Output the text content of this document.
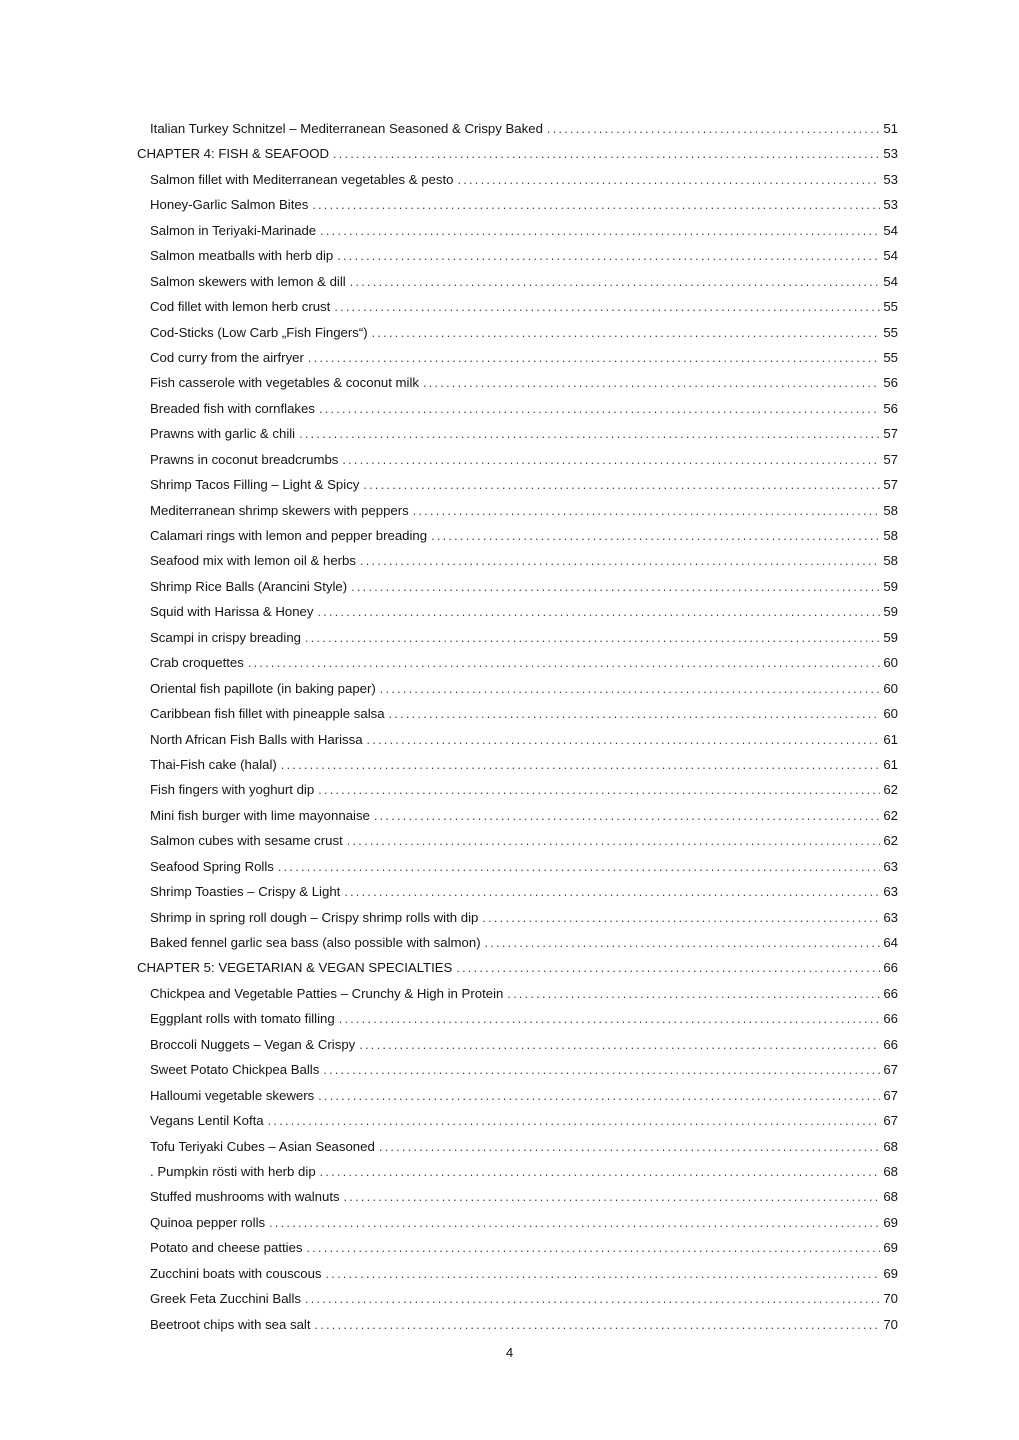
Italian Turkey Schnitzel – Mediterranean Seasoned & Crispy Baked .....	51
CHAPTER 4: FISH & SEAFOOD .....	53
Salmon fillet with Mediterranean vegetables & pesto .....	53
Honey-Garlic Salmon Bites .....	53
Salmon in Teriyaki-Marinade .....	54
Salmon meatballs with herb dip .....	54
Salmon skewers with lemon & dill .....	54
Cod fillet with lemon herb crust .....	55
Cod-Sticks (Low Carb „Fish Fingers“) .....	55
Cod curry from the airfryer .....	55
Fish casserole with vegetables & coconut milk .....	56
Breaded fish with cornflakes .....	56
Prawns with garlic & chili .....	57
Prawns in coconut breadcrumbs .....	57
Shrimp Tacos Filling – Light & Spicy .....	57
Mediterranean shrimp skewers with peppers .....	58
Calamari rings with lemon and pepper breading .....	58
Seafood mix with lemon oil & herbs .....	58
Shrimp Rice Balls (Arancini Style) .....	59
Squid with Harissa & Honey .....	59
Scampi in crispy breading .....	59
Crab croquettes .....	60
Oriental fish papillote (in baking paper) .....	60
Caribbean fish fillet with pineapple salsa .....	60
North African Fish Balls with Harissa .....	61
Thai-Fish cake (halal) .....	61
Fish fingers with yoghurt dip .....	62
Mini fish burger with lime mayonnaise .....	62
Salmon cubes with sesame crust .....	62
Seafood Spring Rolls .....	63
Shrimp Toasties – Crispy & Light .....	63
Shrimp in spring roll dough – Crispy shrimp rolls with dip .....	63
Baked fennel garlic sea bass (also possible with salmon) .....	64
CHAPTER 5: VEGETARIAN & VEGAN SPECIALTIES .....	66
Chickpea and Vegetable Patties – Crunchy & High in Protein .....	66
Eggplant rolls with tomato filling .....	66
Broccoli Nuggets – Vegan & Crispy .....	66
Sweet Potato Chickpea Balls .....	67
Halloumi vegetable skewers .....	67
Vegans Lentil Kofta .....	67
Tofu Teriyaki Cubes – Asian Seasoned .....	68
. Pumpkin rösti with herb dip .....	68
Stuffed mushrooms with walnuts .....	68
Quinoa pepper rolls .....	69
Potato and cheese patties .....	69
Zucchini boats with couscous .....	69
Greek Feta Zucchini Balls .....	70
Beetroot chips with sea salt .....	70
4
